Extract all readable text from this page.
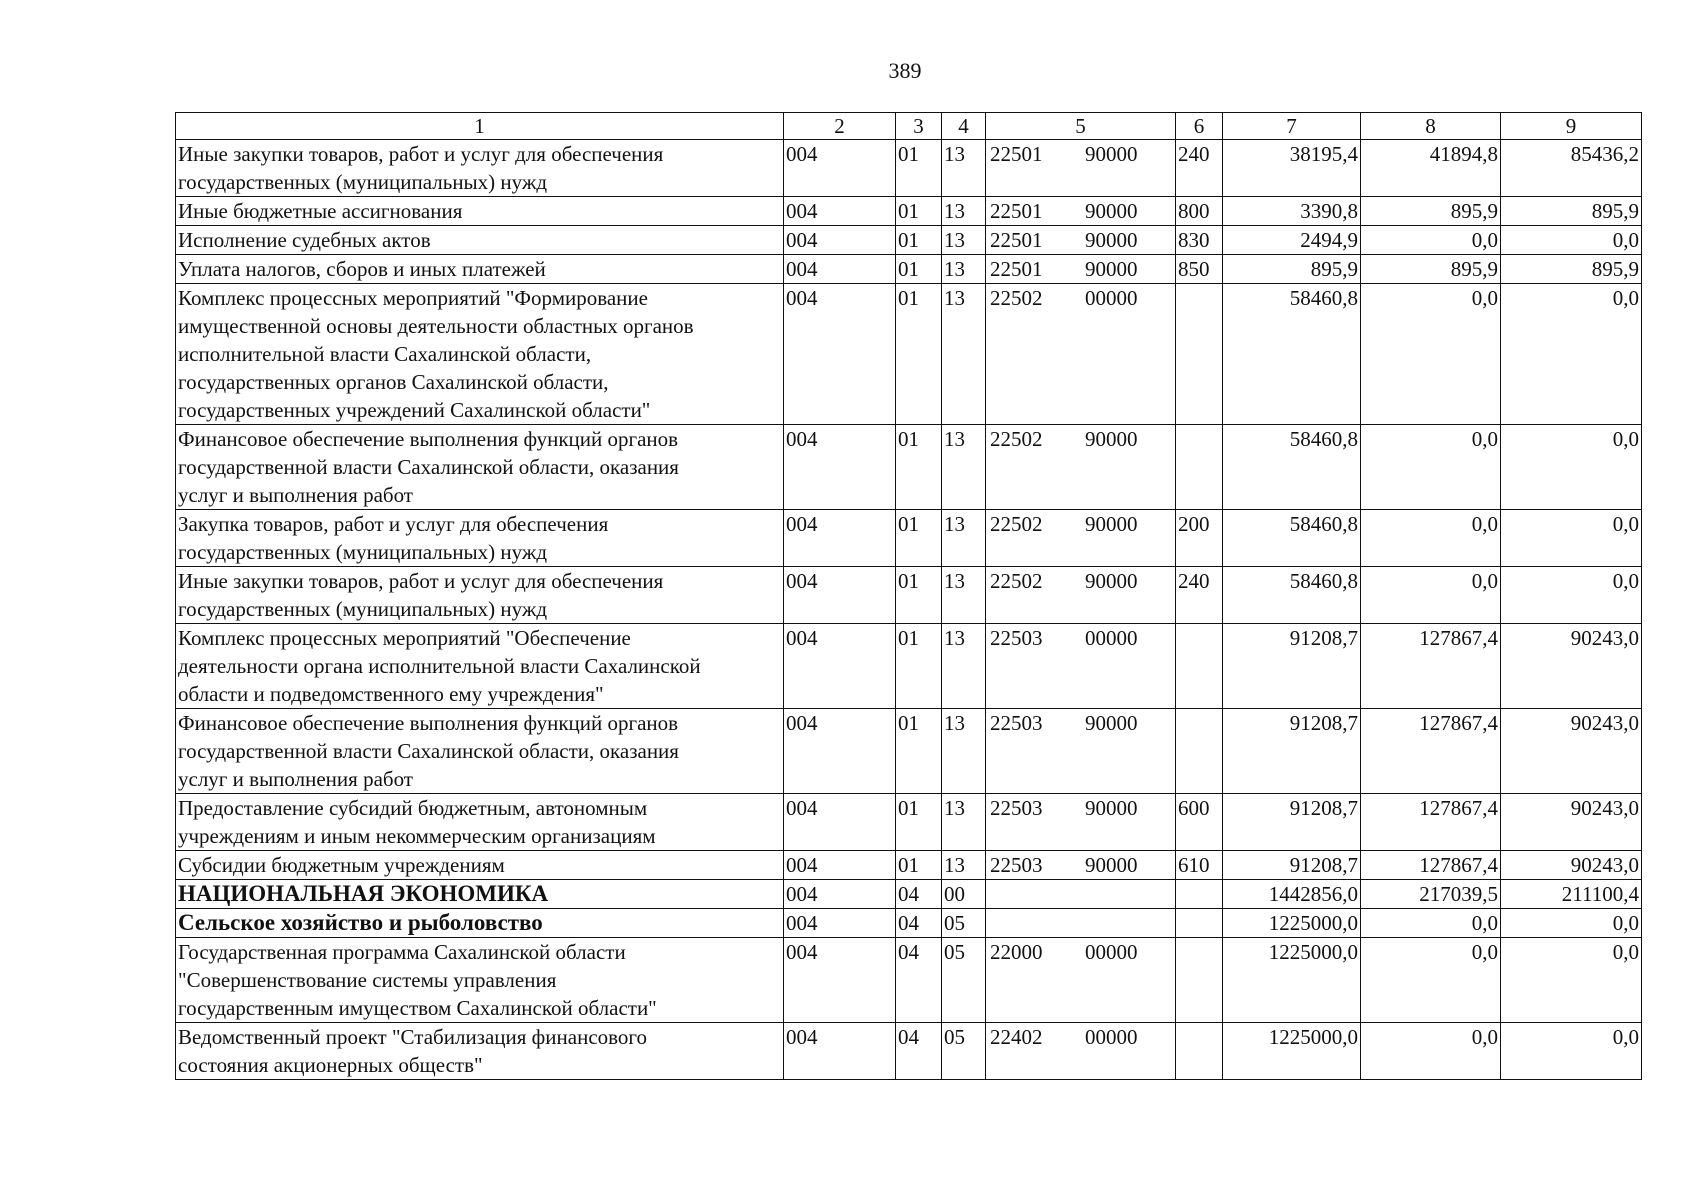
389
1	2	3	4	5	6	7	8	9
Иные закупки товаров, работ и услуг для обеспечения
государственных (муниципальных) нужд	004	01	13	22501 90000	240	38195,4	41894,8	85436,2
Иные бюджетные ассигнования	004	01	13	22501 90000	800	3390,8	895,9	895,9
Исполнение судебных актов	004	01	13	22501 90000	830	2494,9	0,0	0,0
Уплата налогов, сборов и иных платежей	004	01	13	22501 90000	850	895,9	895,9	895,9
Комплекс процессных мероприятий "Формирование
имущественной основы деятельности областных органов
исполнительной власти Сахалинской области,
государственных органов Сахалинской области,
государственных учреждений Сахалинской области"	004	01	13	22502 00000		58460,8	0,0	0,0
Финансовое обеспечение выполнения функций органов
государственной власти Сахалинской области, оказания
услуг и выполнения работ	004	01	13	22502 90000		58460,8	0,0	0,0
Закупка товаров, работ и услуг для обеспечения
государственных (муниципальных) нужд	004	01	13	22502 90000	200	58460,8	0,0	0,0
Иные закупки товаров, работ и услуг для обеспечения
государственных (муниципальных) нужд	004	01	13	22502 90000	240	58460,8	0,0	0,0
Комплекс процессных мероприятий "Обеспечение
деятельности органа исполнительной власти Сахалинской
области и подведомственного ему учреждения"	004	01	13	22503 00000		91208,7	127867,4	90243,0
Финансовое обеспечение выполнения функций органов
государственной власти Сахалинской области, оказания
услуг и выполнения работ	004	01	13	22503 90000		91208,7	127867,4	90243,0
Предоставление субсидий бюджетным, автономным
учреждениям и иным некоммерческим организациям	004	01	13	22503 90000	600	91208,7	127867,4	90243,0
Субсидии бюджетным учреждениям	004	01	13	22503 90000	610	91208,7	127867,4	90243,0
НАЦИОНАЛЬНАЯ ЭКОНОМИКА	004	04	00			1442856,0	217039,5	211100,4
Сельское хозяйство и рыболовство	004	04	05			1225000,0	0,0	0,0
Государственная программа Сахалинской области
"Совершенствование системы управления
государственным имуществом Сахалинской области"	004	04	05	22000 00000		1225000,0	0,0	0,0
Ведомственный проект "Стабилизация финансового
состояния акционерных обществ"	004	04	05	22402 00000		1225000,0	0,0	0,0
